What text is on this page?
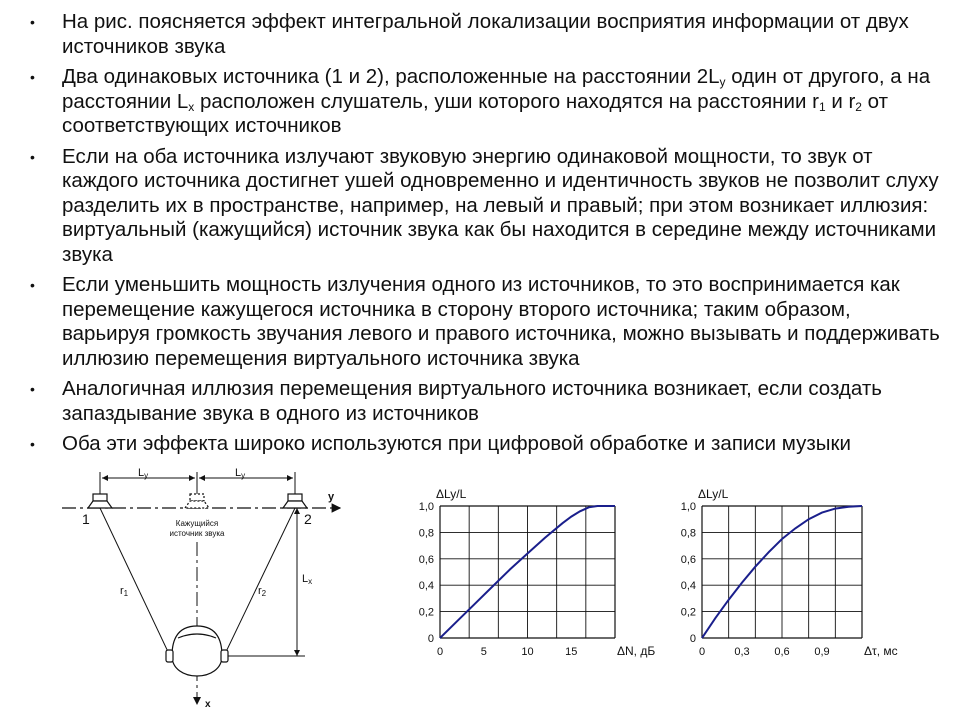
• На рис. поясняется эффект интегральной локализации восприятия информации от двух источников звука
• Два одинаковых источника (1 и 2), расположенные на расстоянии $2L_y$ один от другого, а на расстоянии $L_x$ расположен слушатель, уши которого находятся на расстоянии $r_1$ и $r_2$ от соответствующих источников
• Если на оба источника излучают звуковую энергию одинаковой мощности, то звук от каждого источника достигнет ушей одновременно и идентичность звуков не позволит слуху разделить их в пространстве, например, на левый и правый; при этом возникает иллюзия: виртуальный (кажущийся) источник звука как бы находится в середине между источниками звука
• Если уменьшить мощность излучения одного из источников, то это воспринимается как перемещение кажущегося источника в сторону второго источника; таким образом, варьируя громкость звучания левого и правого источника, можно вызывать и поддерживать иллюзию перемещения виртуального источника звука
• Аналогичная иллюзия перемещения виртуального источника возникает, если создать запаздывание звука в одного из источников
• Оба эти эффекта широко используются при цифровой обработке и записи музыки
Ly	Ly
y
1	2
Кажущийся
источник звука
x
r1	r2
Lx
0
0,2
0,4
0,6
0,8
1,0
0	5	10	15
ΔLy/L
ΔN, дБ
0
0,2
0,4
0,6
0,8
1,0
0	0,3 0,6 0,9
ΔLy/L
Δτ, мс
